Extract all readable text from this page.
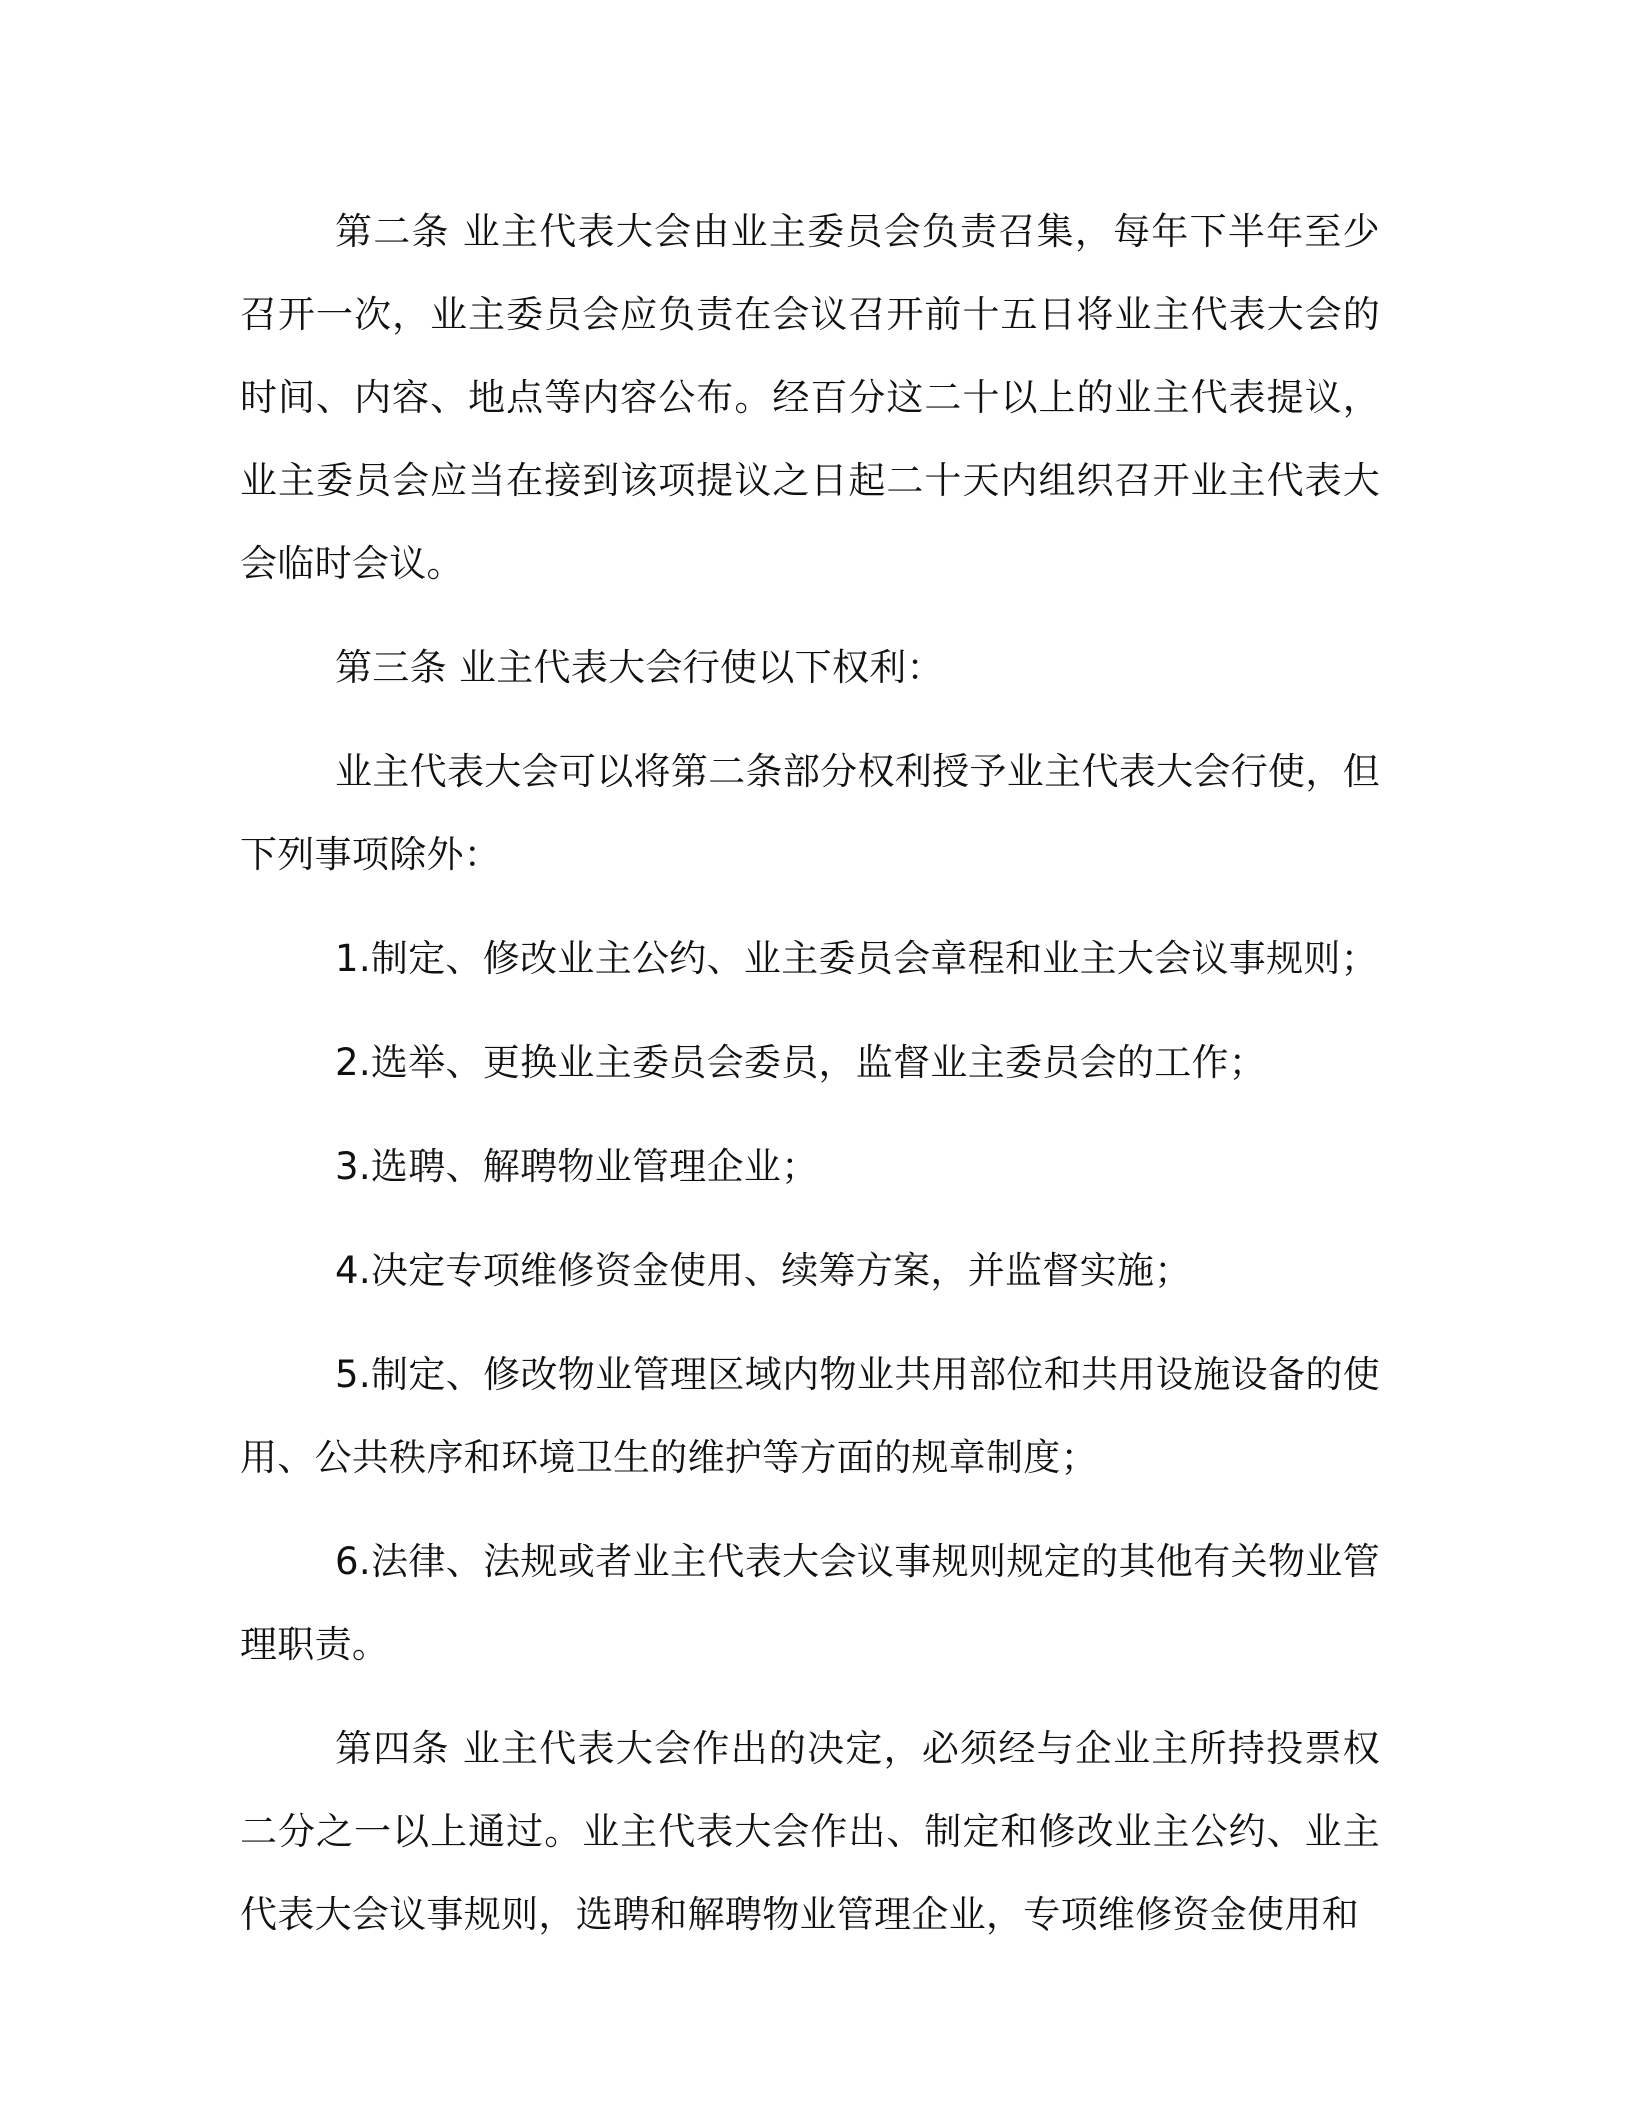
第二条 业主代表大会由业主委员会负责召集，每年下半年至少召开一次，业主委员会应负责在会议召开前十五日将业主代表大会的时间、内容、地点等内容公布。经百分这二十以上的业主代表提议，业主委员会应当在接到该项提议之日起二十天内组织召开业主代表大会临时会议。

第三条 业主代表大会行使以下权利：

业主代表大会可以将第二条部分权利授予业主代表大会行使，但下列事项除外：

1.制定、修改业主公约、业主委员会章程和业主大会议事规则；

2.选举、更换业主委员会委员，监督业主委员会的工作；

3.选聘、解聘物业管理企业；

4.决定专项维修资金使用、续筹方案，并监督实施；

5.制定、修改物业管理区域内物业共用部位和共用设施设备的使用、公共秩序和环境卫生的维护等方面的规章制度；

6.法律、法规或者业主代表大会议事规则规定的其他有关物业管理职责。

第四条 业主代表大会作出的决定，必须经与企业主所持投票权二分之一以上通过。业主代表大会作出、制定和修改业主公约、业主代表大会议事规则，选聘和解聘物业管理企业，专项维修资金使用和
